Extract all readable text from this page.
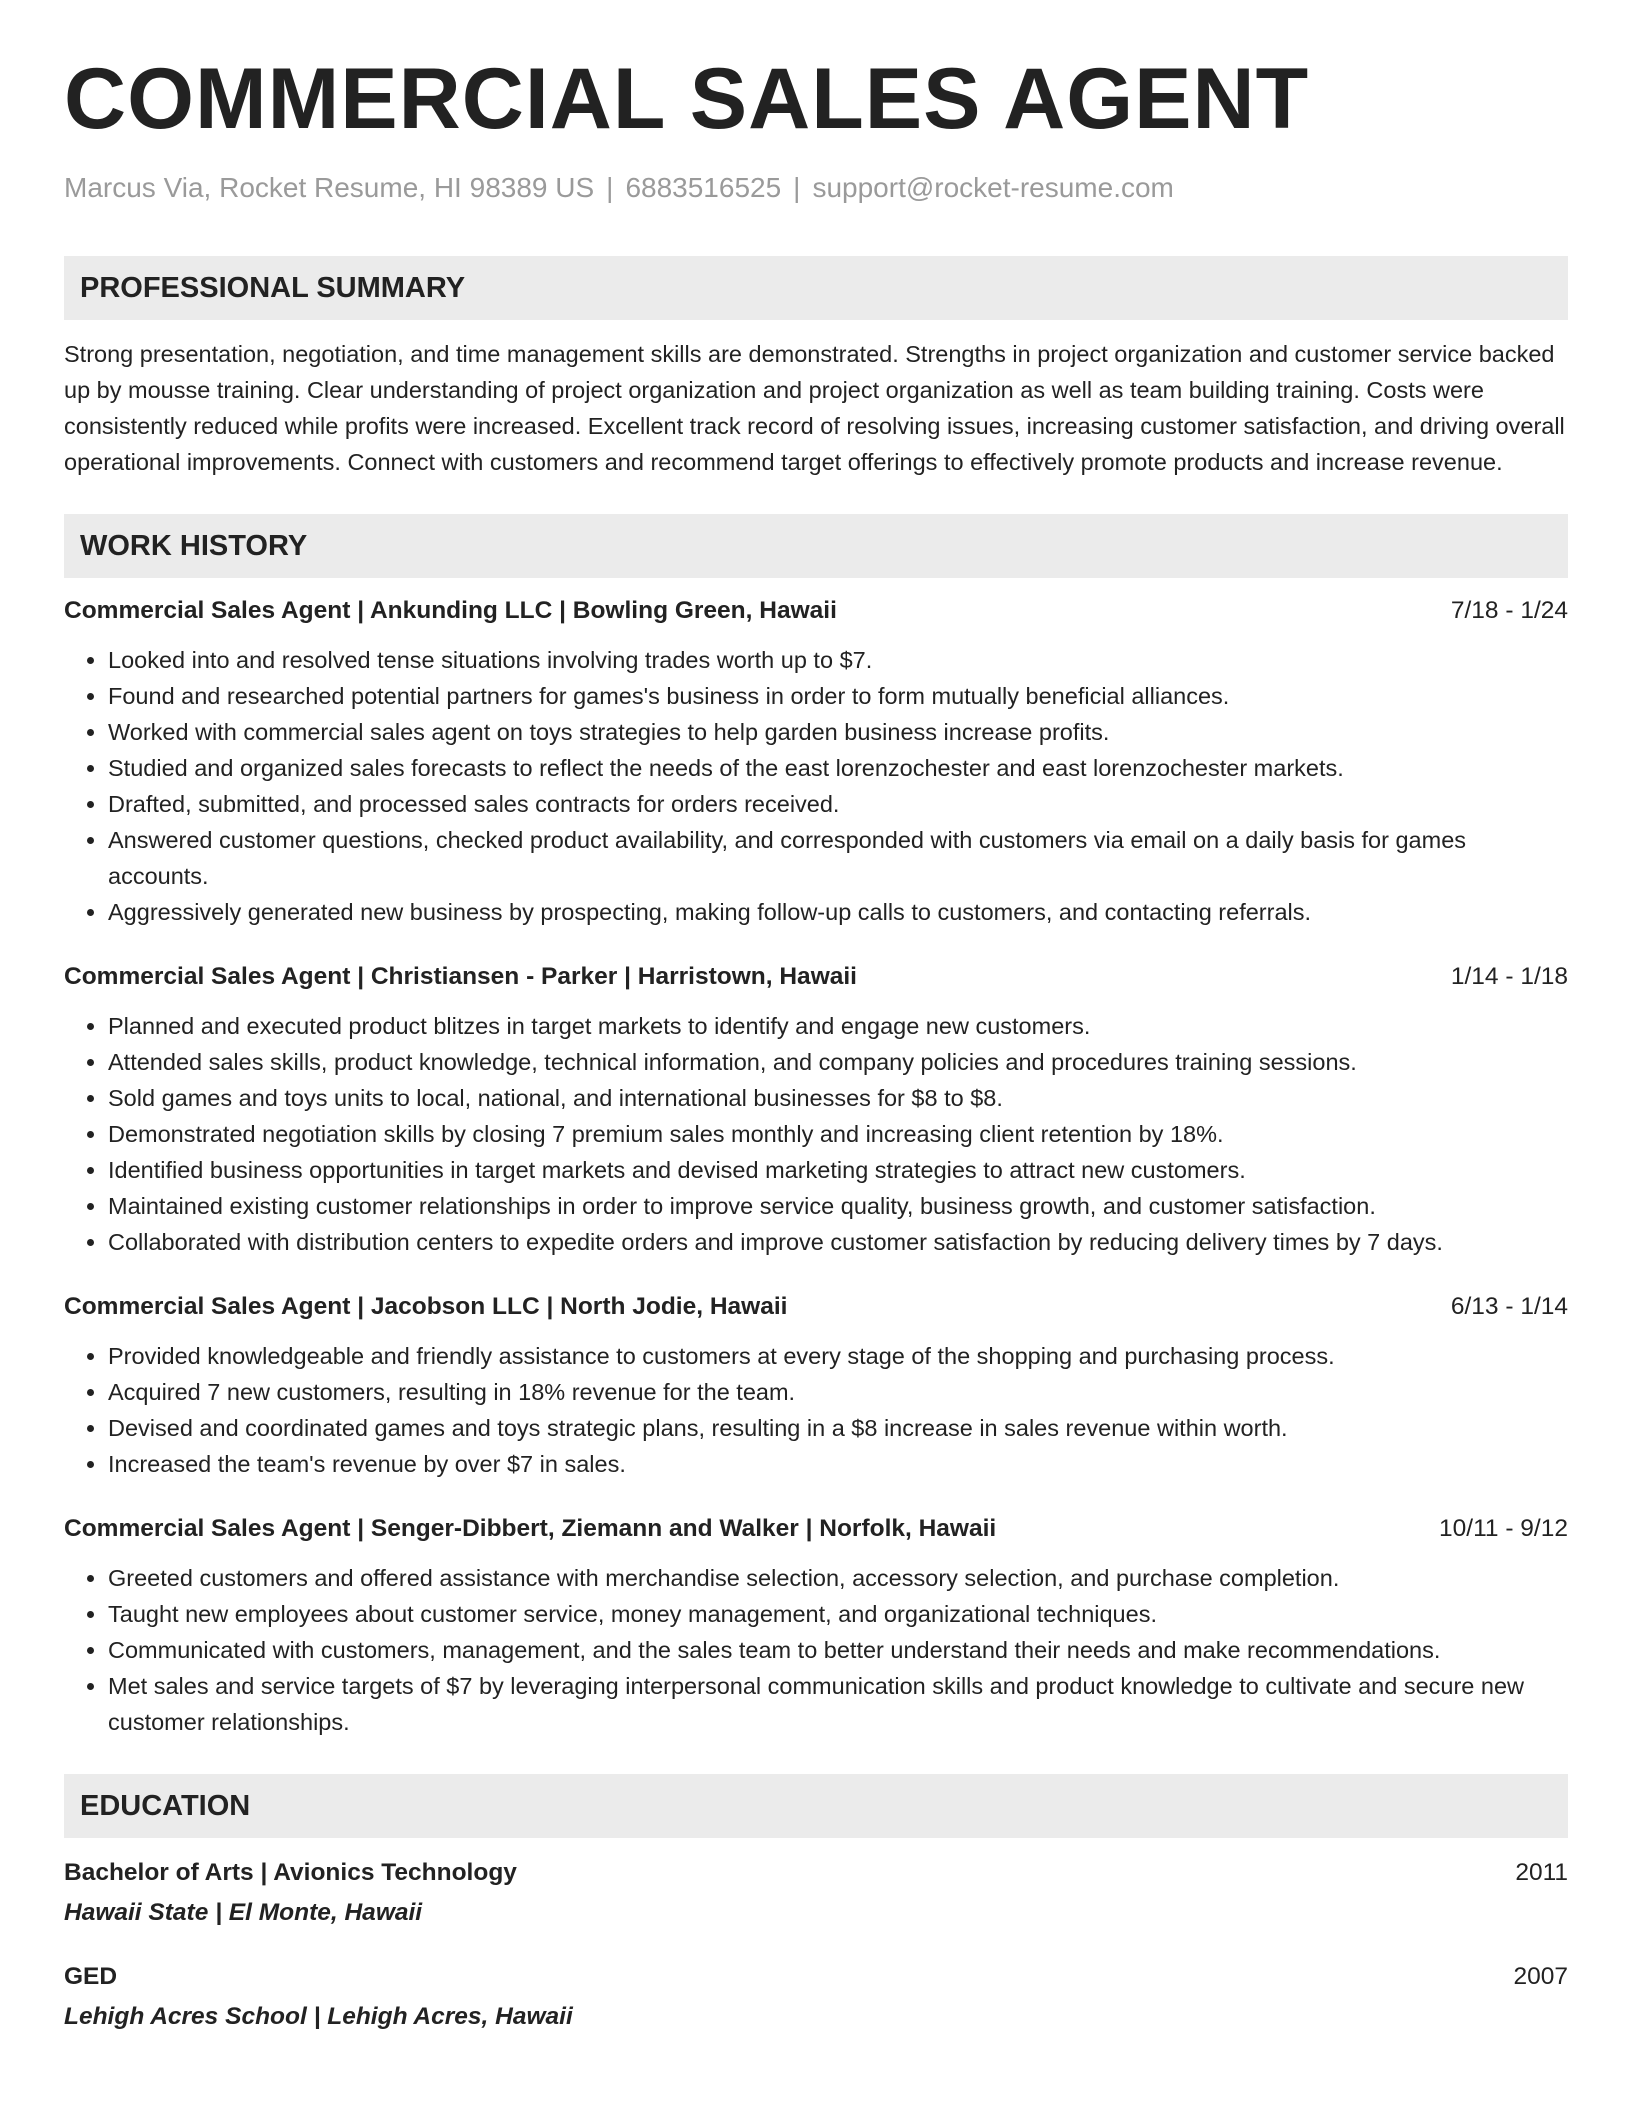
COMMERCIAL SALES AGENT
Marcus Via, Rocket Resume, HI 98389 US | 6883516525 | support@rocket-resume.com
PROFESSIONAL SUMMARY

Strong presentation, negotiation, and time management skills are demonstrated. Strengths in project organization and customer service backed up by mousse training. Clear understanding of project organization and project organization as well as team building training. Costs were consistently reduced while profits were increased. Excellent track record of resolving issues, increasing customer satisfaction, and driving overall operational improvements. Connect with customers and recommend target offerings to effectively promote products and increase revenue.

WORK HISTORY
Commercial Sales Agent | Ankunding LLC | Bowling Green, Hawaii	7/18 - 1/24
• Looked into and resolved tense situations involving trades worth up to $7.
• Found and researched potential partners for games's business in order to form mutually beneficial alliances.
• Worked with commercial sales agent on toys strategies to help garden business increase profits.
• Studied and organized sales forecasts to reflect the needs of the east lorenzochester and east lorenzochester markets.
• Drafted, submitted, and processed sales contracts for orders received.
• Answered customer questions, checked product availability, and corresponded with customers via email on a daily basis for games accounts.
• Aggressively generated new business by prospecting, making follow-up calls to customers, and contacting referrals.
Commercial Sales Agent | Christiansen - Parker | Harristown, Hawaii	1/14 - 1/18
• Planned and executed product blitzes in target markets to identify and engage new customers.
• Attended sales skills, product knowledge, technical information, and company policies and procedures training sessions.
• Sold games and toys units to local, national, and international businesses for $8 to $8.
• Demonstrated negotiation skills by closing 7 premium sales monthly and increasing client retention by 18%.
• Identified business opportunities in target markets and devised marketing strategies to attract new customers.
• Maintained existing customer relationships in order to improve service quality, business growth, and customer satisfaction.
• Collaborated with distribution centers to expedite orders and improve customer satisfaction by reducing delivery times by 7 days.
Commercial Sales Agent | Jacobson LLC | North Jodie, Hawaii	6/13 - 1/14
• Provided knowledgeable and friendly assistance to customers at every stage of the shopping and purchasing process.
• Acquired 7 new customers, resulting in 18% revenue for the team.
• Devised and coordinated games and toys strategic plans, resulting in a $8 increase in sales revenue within worth.
• Increased the team's revenue by over $7 in sales.
Commercial Sales Agent | Senger-Dibbert, Ziemann and Walker | Norfolk, Hawaii	10/11 - 9/12
• Greeted customers and offered assistance with merchandise selection, accessory selection, and purchase completion.
• Taught new employees about customer service, money management, and organizational techniques.
• Communicated with customers, management, and the sales team to better understand their needs and make recommendations.
• Met sales and service targets of $7 by leveraging interpersonal communication skills and product knowledge to cultivate and secure new customer relationships.
EDUCATION
Bachelor of Arts | Avionics Technology	2011
Hawaii State | El Monte, Hawaii
GED	2007
Lehigh Acres School | Lehigh Acres, Hawaii
